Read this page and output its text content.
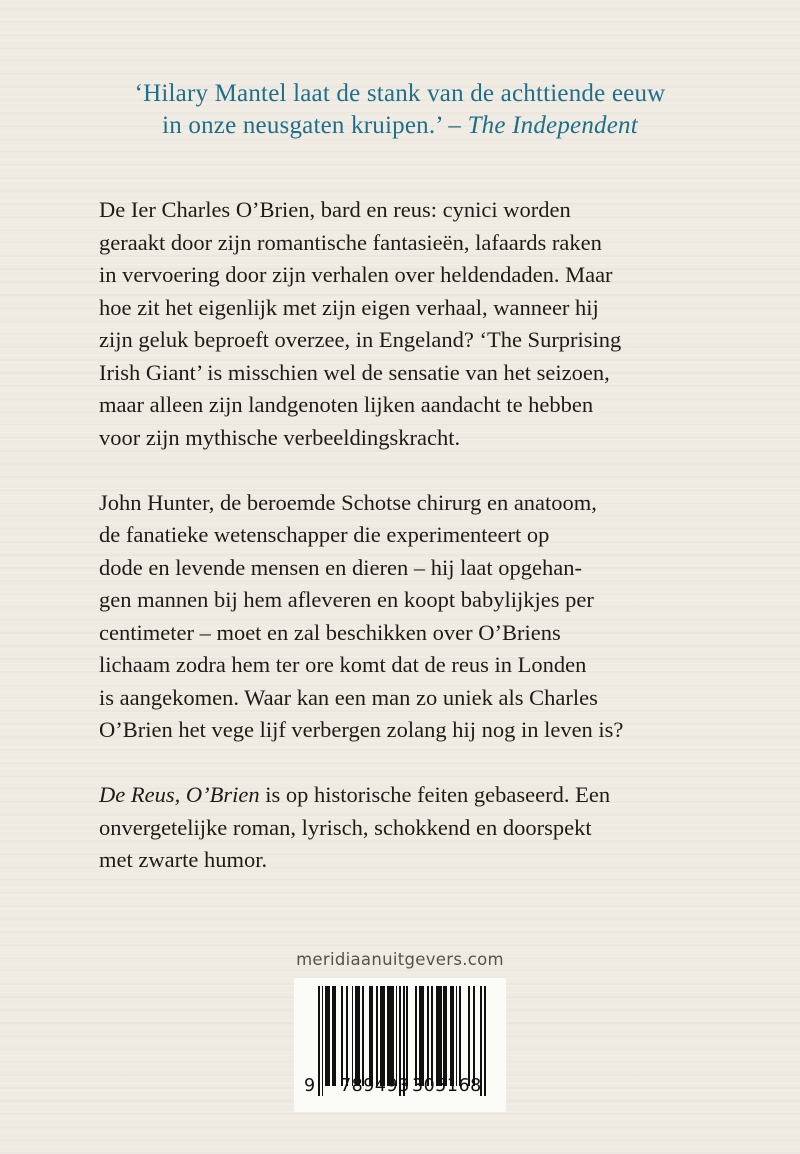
‘Hilary Mantel laat de stank van de achttiende eeuw
in onze neusgaten kruipen.’ – The Independent

De Ier Charles O’Brien, bard en reus: cynici worden
geraakt door zijn romantische fantasieën, lafaards raken
in vervoering door zijn verhalen over heldendaden. Maar
hoe zit het eigenlijk met zijn eigen verhaal, wanneer hij
zijn geluk beproeft overzee, in Engeland? ‘The Surprising
Irish Giant’ is misschien wel de sensatie van het seizoen,
maar alleen zijn landgenoten lijken aandacht te hebben
voor zijn mythische verbeeldingskracht.

John Hunter, de beroemde Schotse chirurg en anatoom,
de fanatieke wetenschapper die experimenteert op
dode en levende mensen en dieren – hij laat opgehan-
gen mannen bij hem afleveren en koopt babylijkjes per
centimeter – moet en zal beschikken over O’Briens
lichaam zodra hem ter ore komt dat de reus in Londen
is aangekomen. Waar kan een man zo uniek als Charles
O’Brien het vege lijf verbergen zolang hij nog in leven is?

De Reus, O’Brien is op historische feiten gebaseerd. Een
onvergetelijke roman, lyrisch, schokkend en doorspekt
met zwarte humor.

meridiaanuitgevers.com
9 789493 305168
